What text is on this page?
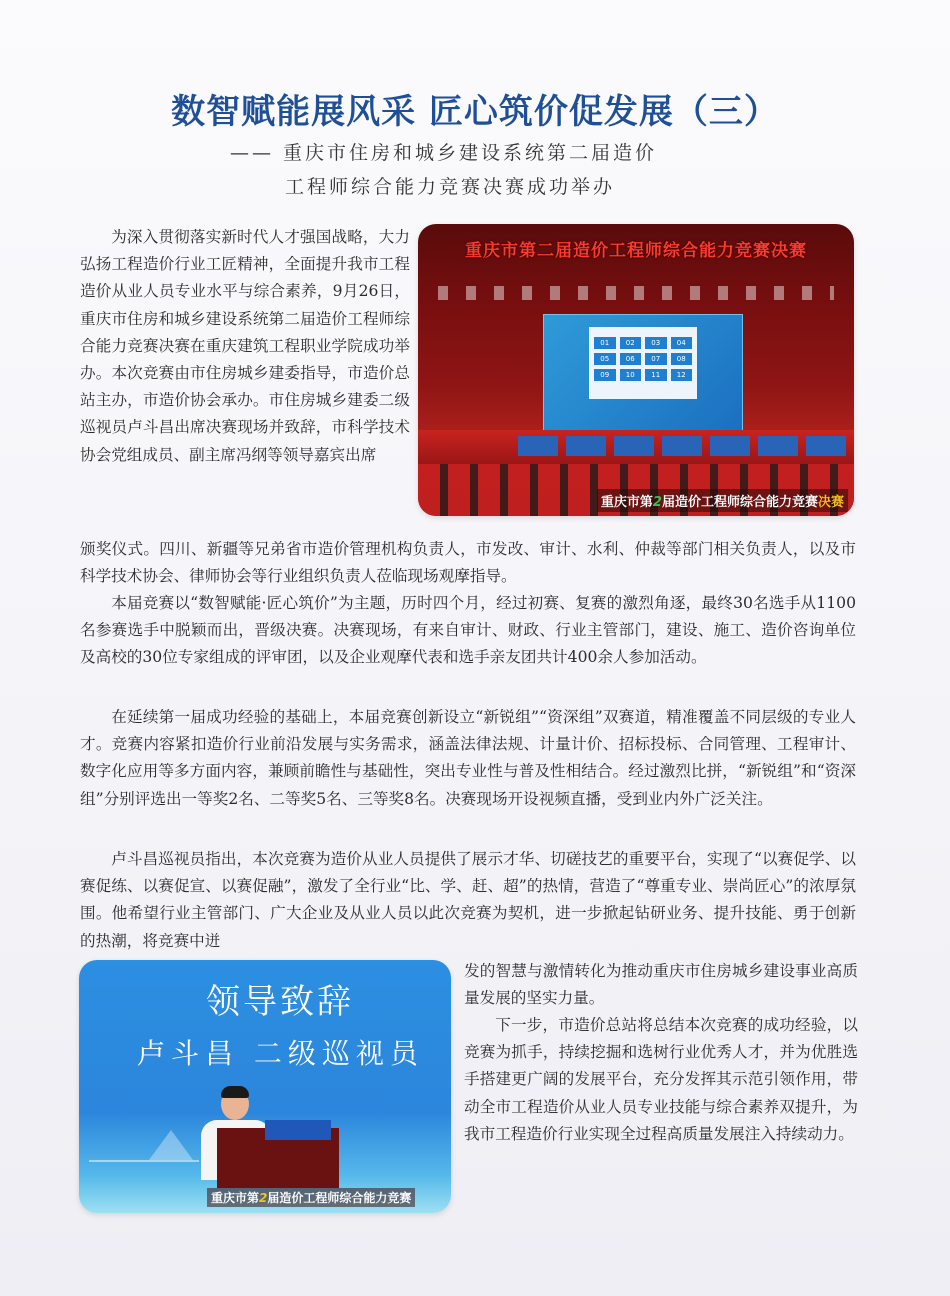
数智赋能展风采 匠心筑价促发展（三）
—— 重庆市住房和城乡建设系统第二届造价
工程师综合能力竞赛决赛成功举办

为深入贯彻落实新时代人才强国战略，大力弘扬工程造价行业工匠精神，全面提升我市工程造价从业人员专业水平与综合素养，9月26日，重庆市住房和城乡建设系统第二届造价工程师综合能力竞赛决赛在重庆建筑工程职业学院成功举办。本次竞赛由市住房城乡建委指导，市造价总站主办，市造价协会承办。市住房城乡建委二级巡视员卢斗昌出席决赛现场并致辞，市科学技术协会党组成员、副主席冯纲等领导嘉宾出席

重庆市第二届造价工程师综合能力竞赛决赛
01	02	03	04
05	06	07	08
09	10	11	12
重庆市第2届造价工程师综合能力竞赛决赛

颁奖仪式。四川、新疆等兄弟省市造价管理机构负责人，市发改、审计、水利、仲裁等部门相关负责人，以及市科学技术协会、律师协会等行业组织负责人莅临现场观摩指导。

本届竞赛以“数智赋能·匠心筑价”为主题，历时四个月，经过初赛、复赛的激烈角逐，最终30名选手从1100名参赛选手中脱颖而出，晋级决赛。决赛现场，有来自审计、财政、行业主管部门，建设、施工、造价咨询单位及高校的30位专家组成的评审团，以及企业观摩代表和选手亲友团共计400余人参加活动。

在延续第一届成功经验的基础上，本届竞赛创新设立“新锐组”“资深组”双赛道，精准覆盖不同层级的专业人才。竞赛内容紧扣造价行业前沿发展与实务需求，涵盖法律法规、计量计价、招标投标、合同管理、工程审计、数字化应用等多方面内容，兼顾前瞻性与基础性，突出专业性与普及性相结合。经过激烈比拼，“新锐组”和“资深组”分别评选出一等奖2名、二等奖5名、三等奖8名。决赛现场开设视频直播，受到业内外广泛关注。

卢斗昌巡视员指出，本次竞赛为造价从业人员提供了展示才华、切磋技艺的重要平台，实现了“以赛促学、以赛促练、以赛促宣、以赛促融”，激发了全行业“比、学、赶、超”的热情，营造了“尊重专业、崇尚匠心”的浓厚氛围。他希望行业主管部门、广大企业及从业人员以此次竞赛为契机，进一步掀起钻研业务、提升技能、勇于创新的热潮，将竞赛中迸

领导致辞
卢斗昌 二级巡视员
重庆市第2届造价工程师综合能力竞赛

发的智慧与激情转化为推动重庆市住房城乡建设事业高质量发展的坚实力量。

下一步，市造价总站将总结本次竞赛的成功经验，以竞赛为抓手，持续挖掘和选树行业优秀人才，并为优胜选手搭建更广阔的发展平台，充分发挥其示范引领作用，带动全市工程造价从业人员专业技能与综合素养双提升，为我市工程造价行业实现全过程高质量发展注入持续动力。
